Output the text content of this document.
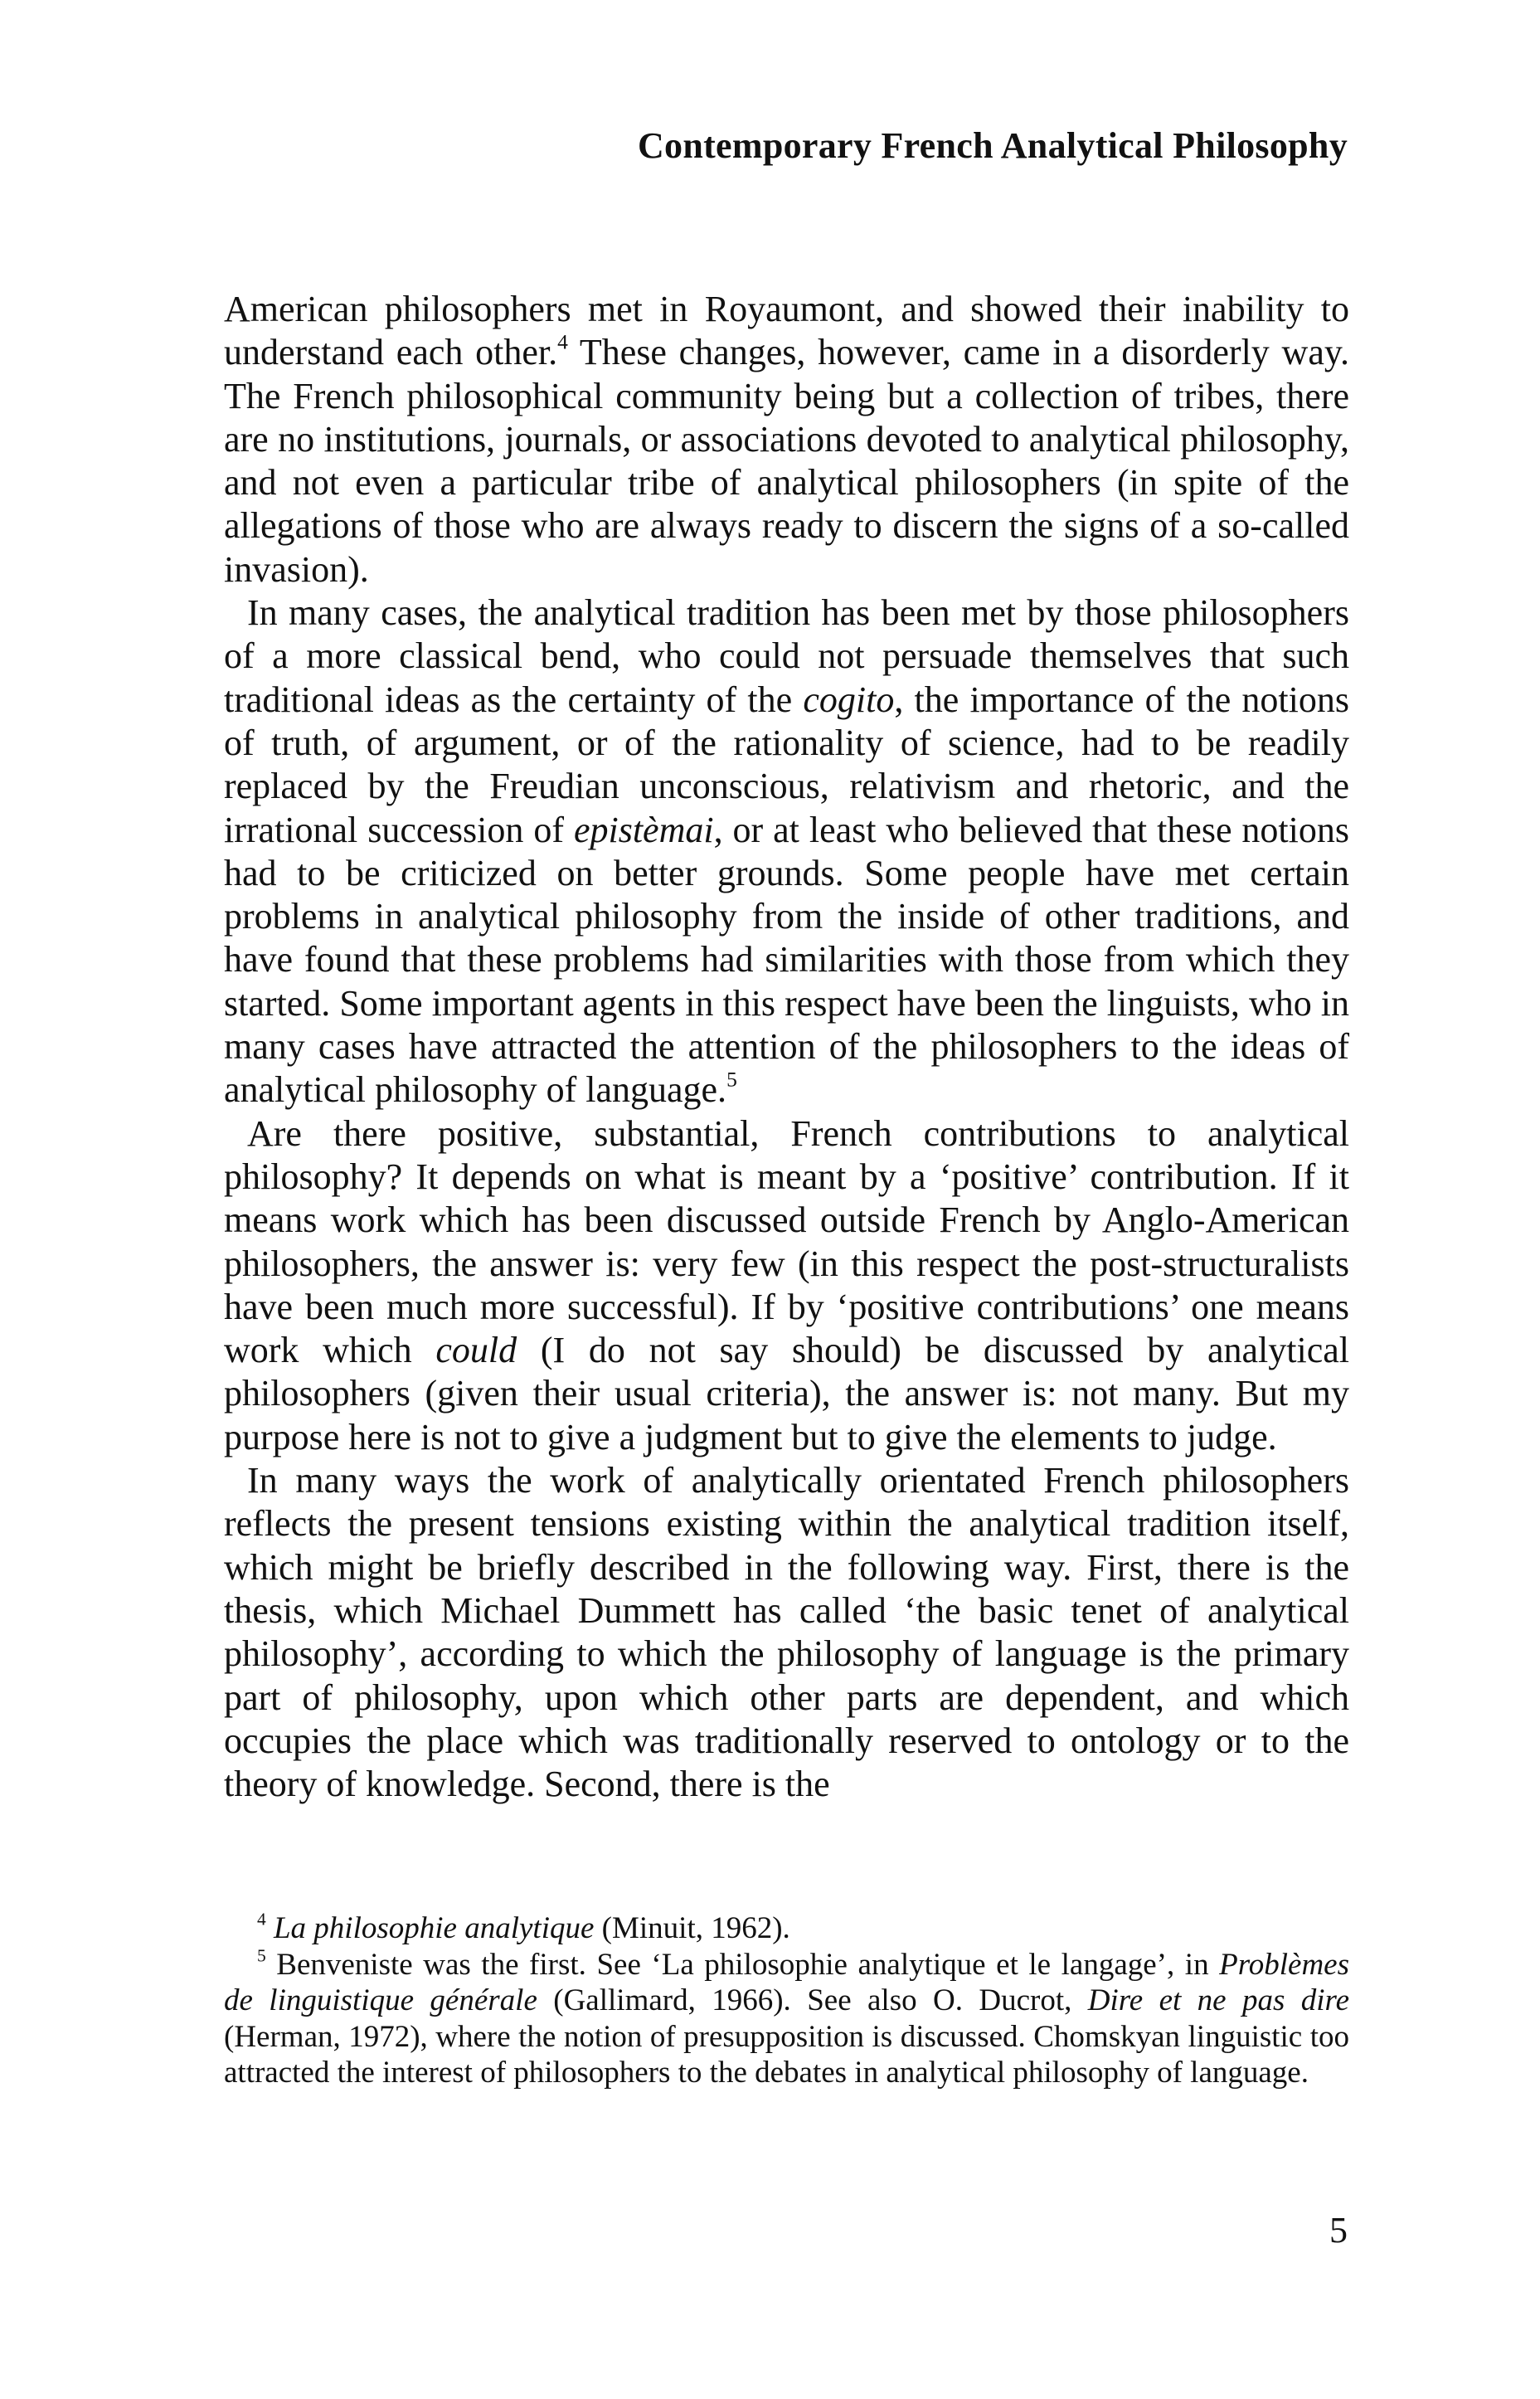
Contemporary French Analytical Philosophy

American philosophers met in Royaumont, and showed their inability to understand each other.$^4$ These changes, however, came in a disorderly way. The French philosophical community being but a collection of tribes, there are no institutions, journals, or associations devoted to analytical philosophy, and not even a particular tribe of analytical philosophers (in spite of the allegations of those who are always ready to discern the signs of a so-called invasion).

In many cases, the analytical tradition has been met by those philosophers of a more classical bend, who could not persuade themselves that such traditional ideas as the certainty of the cogito, the importance of the notions of truth, of argument, or of the rationality of science, had to be readily replaced by the Freudian unconscious, relativism and rhetoric, and the irrational succession of epistèmai, or at least who believed that these notions had to be criticized on better grounds. Some people have met certain problems in analytical philosophy from the inside of other traditions, and have found that these problems had similarities with those from which they started. Some important agents in this respect have been the linguists, who in many cases have attracted the attention of the philosophers to the ideas of analytical philosophy of language.$^5$

Are there positive, substantial, French contributions to analytical philosophy? It depends on what is meant by a ‘positive’ contribution. If it means work which has been discussed outside French by Anglo-American philosophers, the answer is: very few (in this respect the post-structuralists have been much more successful). If by ‘positive contributions’ one means work which could (I do not say should) be discussed by analytical philosophers (given their usual criteria), the answer is: not many. But my purpose here is not to give a judgment but to give the elements to judge.

In many ways the work of analytically orientated French philosophers reflects the present tensions existing within the analytical tradition itself, which might be briefly described in the following way. First, there is the thesis, which Michael Dummett has called ‘the basic tenet of analytical philosophy’, according to which the philosophy of language is the primary part of philosophy, upon which other parts are dependent, and which occupies the place which was traditionally reserved to ontology or to the theory of knowledge. Second, there is the

$^4$ La philosophie analytique (Minuit, 1962).

$^5$ Benveniste was the first. See ‘La philosophie analytique et le langage’, in Problèmes de linguistique générale (Gallimard, 1966). See also O. Ducrot, Dire et ne pas dire (Herman, 1972), where the notion of presupposition is discussed. Chomskyan linguistic too attracted the interest of philosophers to the debates in analytical philosophy of language.

5
